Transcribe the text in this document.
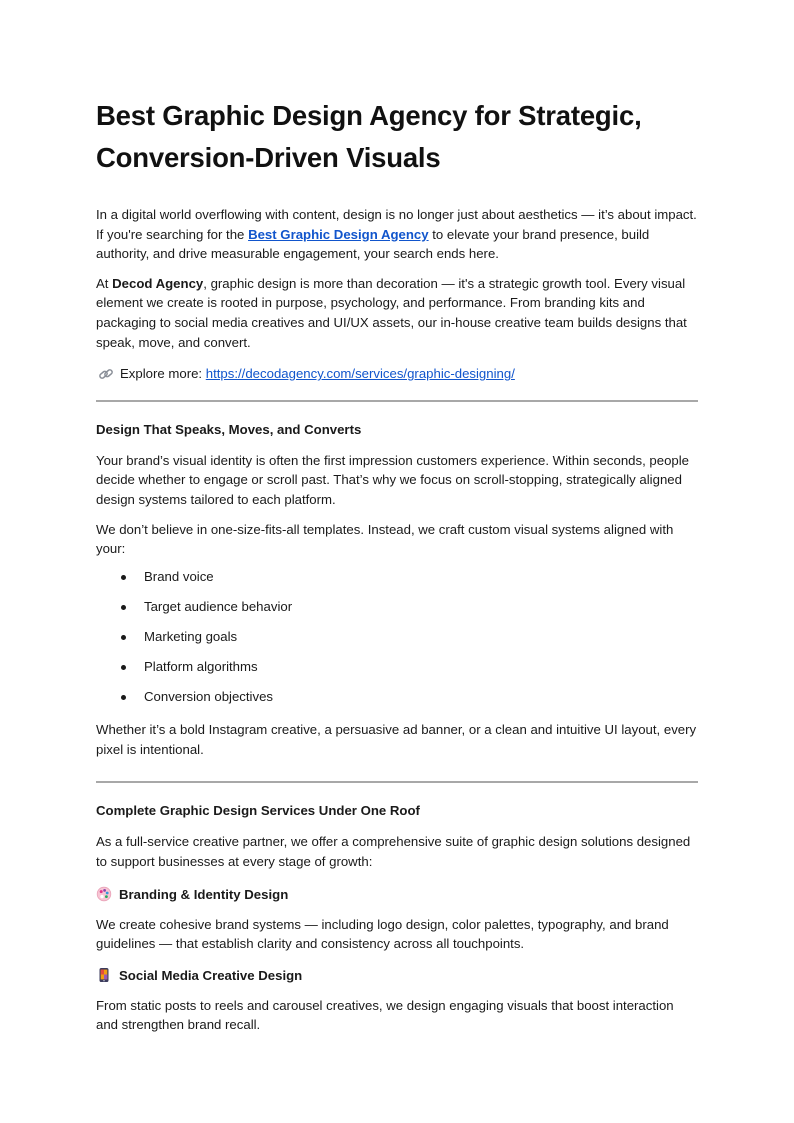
Best Graphic Design Agency for Strategic, Conversion-Driven Visuals

In a digital world overflowing with content, design is no longer just about aesthetics — it’s about impact. If you're searching for the Best Graphic Design Agency to elevate your brand presence, build authority, and drive measurable engagement, your search ends here.

At Decod Agency, graphic design is more than decoration — it's a strategic growth tool. Every visual element we create is rooted in purpose, psychology, and performance. From branding kits and packaging to social media creatives and UI/UX assets, our in-house creative team builds designs that speak, move, and convert.

Explore more:
https://decodagency.com/services/graphic-designing/
Design That Speaks, Moves, and Converts

Your brand’s visual identity is often the first impression customers experience. Within seconds, people decide whether to engage or scroll past. That’s why we focus on scroll-stopping, strategically aligned design systems tailored to each platform.

We don’t believe in one-size-fits-all templates. Instead, we craft custom visual systems aligned with your:

Brand voice
Target audience behavior
Marketing goals
Platform algorithms
Conversion objectives

Whether it’s a bold Instagram creative, a persuasive ad banner, or a clean and intuitive UI layout, every pixel is intentional.

Complete Graphic Design Services Under One Roof

As a full-service creative partner, we offer a comprehensive suite of graphic design solutions designed to support businesses at every stage of growth:

Branding & Identity Design

We create cohesive brand systems — including logo design, color palettes, typography, and brand guidelines — that establish clarity and consistency across all touchpoints.

Social Media Creative Design

From static posts to reels and carousel creatives, we design engaging visuals that boost interaction and strengthen brand recall.
